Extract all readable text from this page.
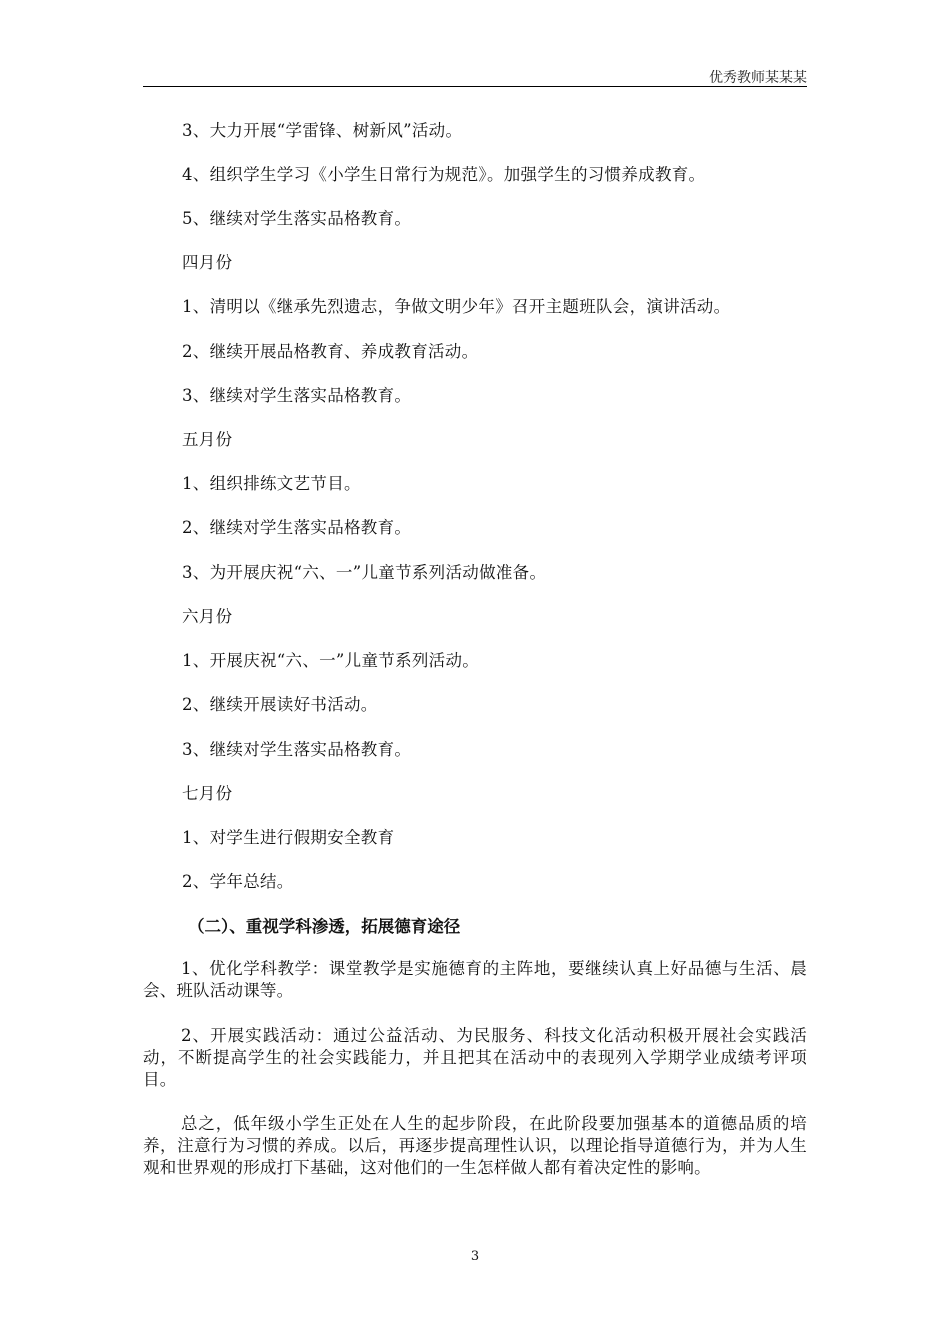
优秀教师某某某
3、大力开展“学雷锋、树新风”活动。
4、组织学生学习《小学生日常行为规范》。加强学生的习惯养成教育。
5、继续对学生落实品格教育。
四月份
1、清明以《继承先烈遗志，争做文明少年》召开主题班队会，演讲活动。
2、继续开展品格教育、养成教育活动。
3、继续对学生落实品格教育。
五月份
1、组织排练文艺节目。
2、继续对学生落实品格教育。
3、为开展庆祝“六、一”儿童节系列活动做准备。
六月份
1、开展庆祝“六、一”儿童节系列活动。
2、继续开展读好书活动。
3、继续对学生落实品格教育。
七月份
1、对学生进行假期安全教育
2、学年总结。
（二）、重视学科渗透，拓展德育途径
1、优化学科教学：课堂教学是实施德育的主阵地，要继续认真上好品德与生活、晨会、班队活动课等。
2、开展实践活动：通过公益活动、为民服务、科技文化活动积极开展社会实践活动，不断提高学生的社会实践能力，并且把其在活动中的表现列入学期学业成绩考评项目。
总之，低年级小学生正处在人生的起步阶段，在此阶段要加强基本的道德品质的培养，注意行为习惯的养成。以后，再逐步提高理性认识，以理论指导道德行为，并为人生观和世界观的形成打下基础，这对他们的一生怎样做人都有着决定性的影响。
3
